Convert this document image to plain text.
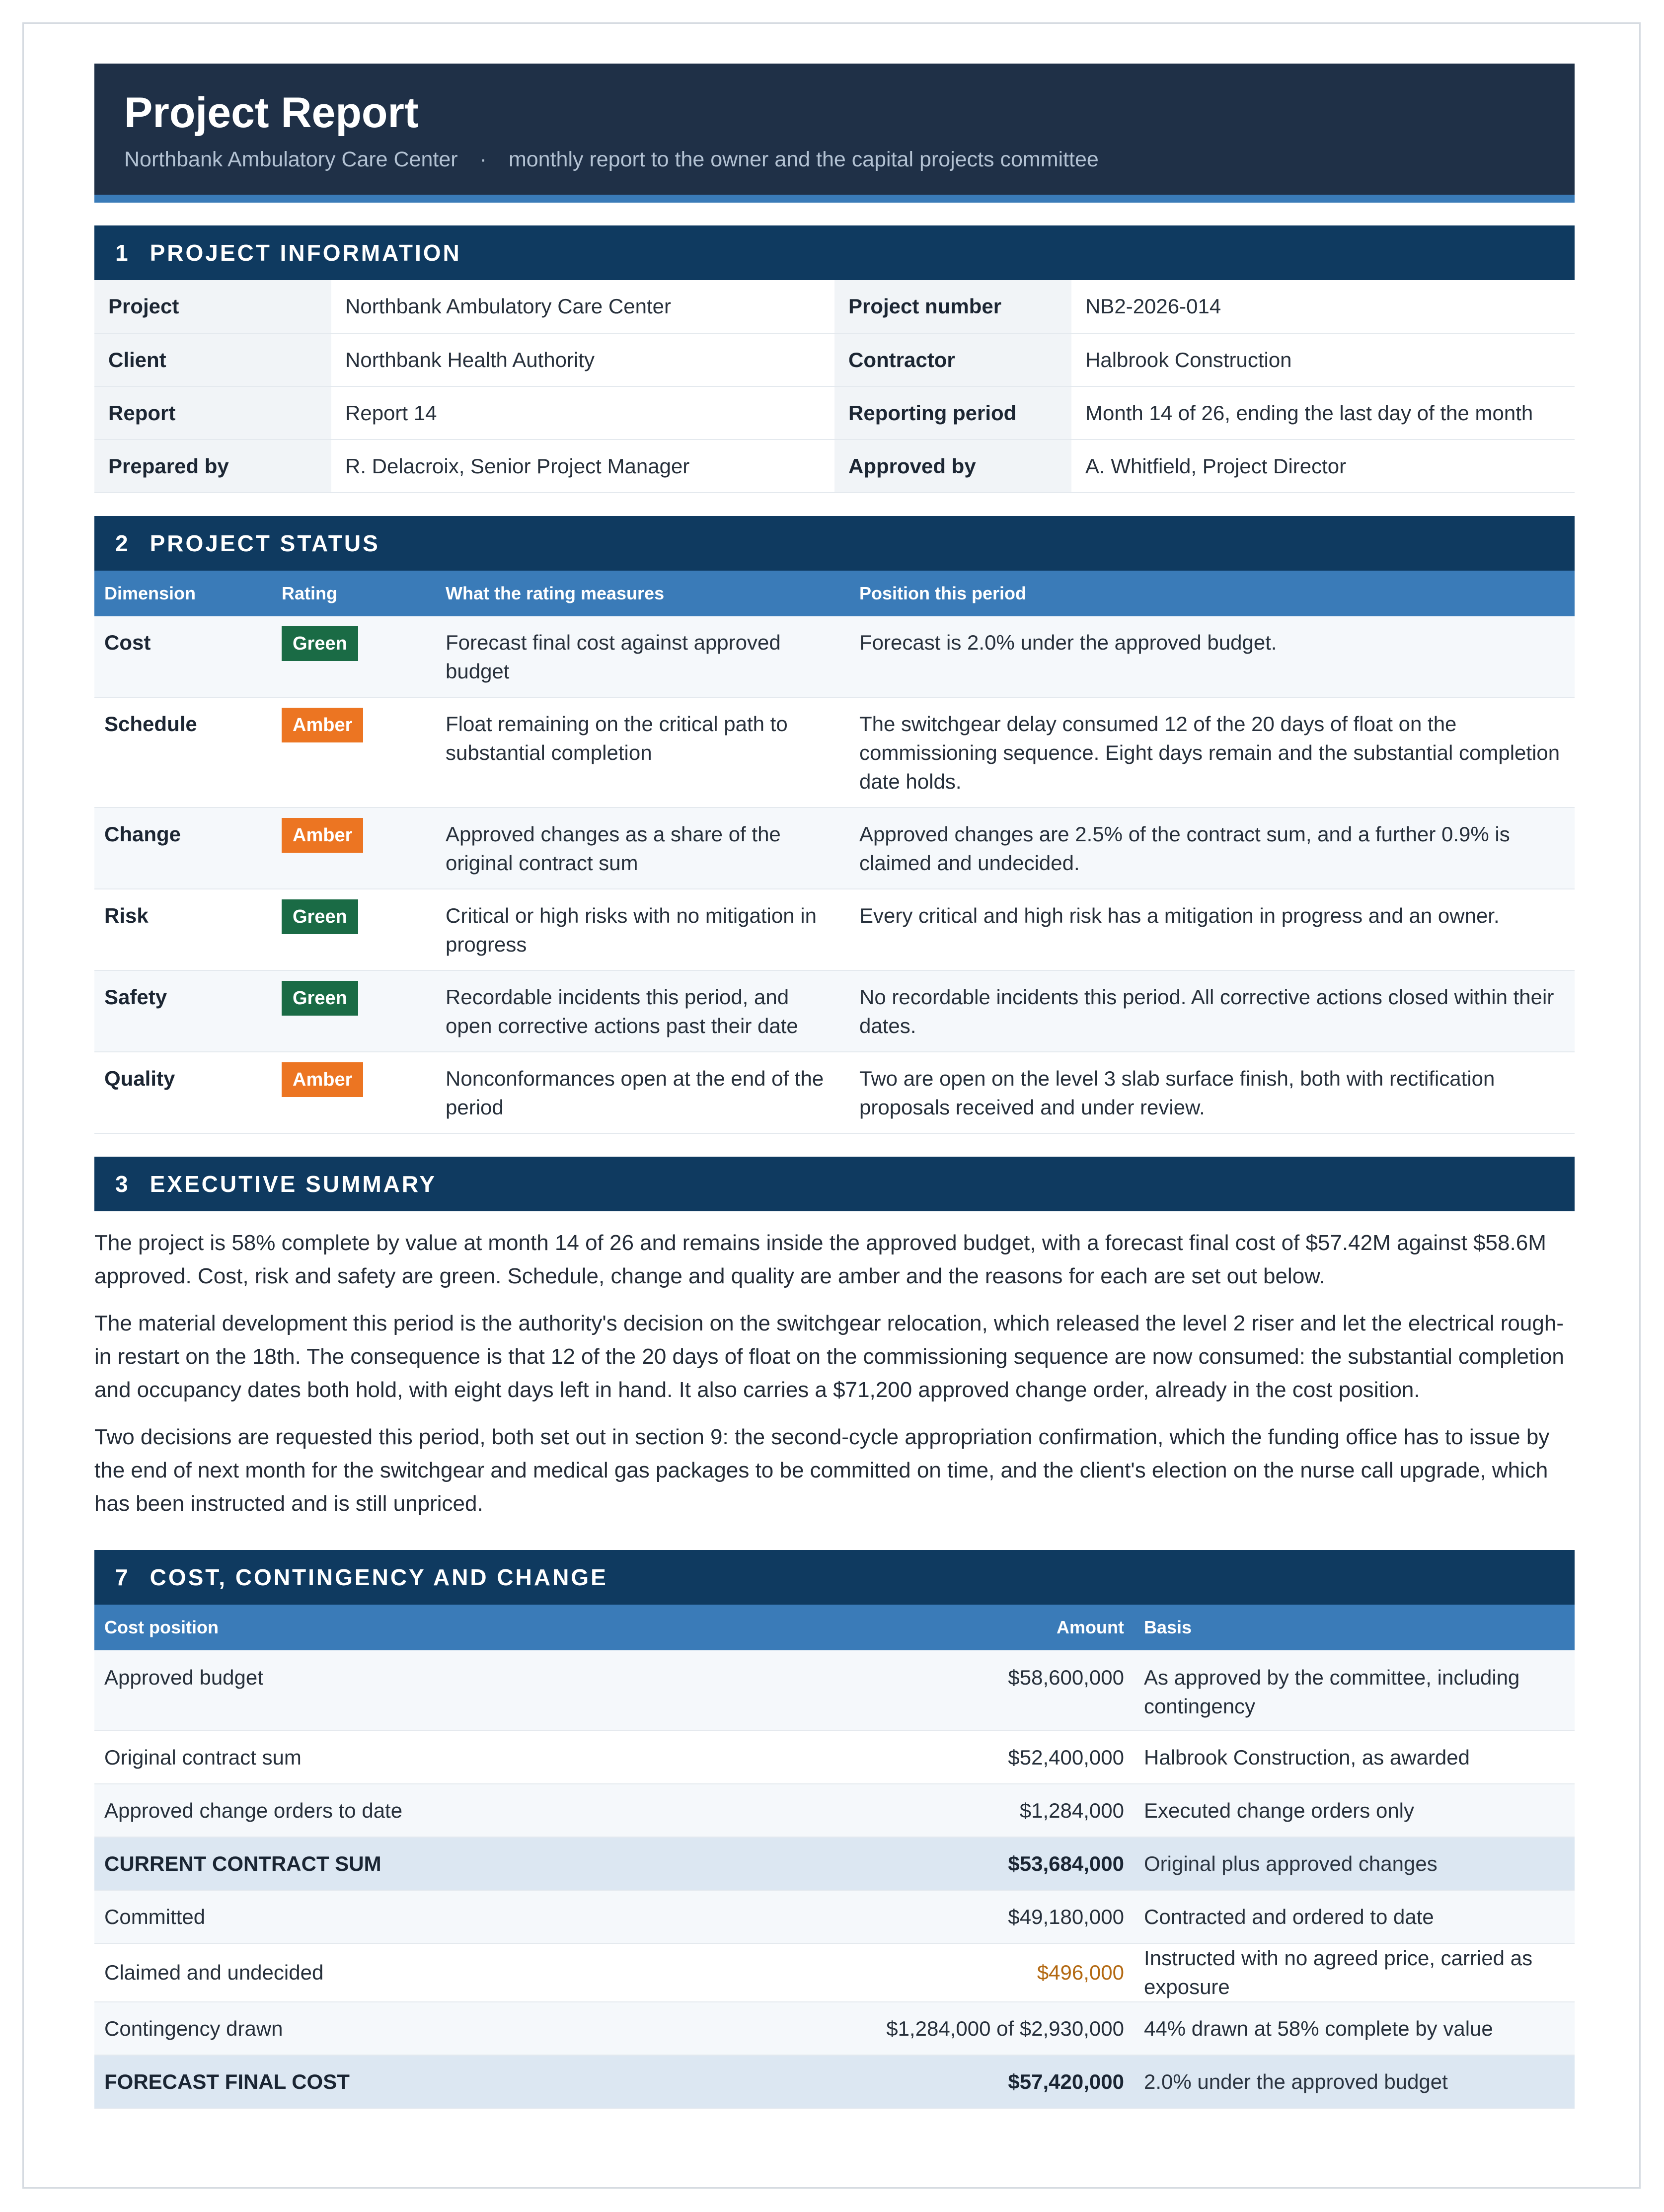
Project Report
Northbank Ambulatory Care Center · monthly report to the owner and the capital projects committee
1 PROJECT INFORMATION
Project	Northbank Ambulatory Care Center	Project number	NB2-2026-014
Client	Northbank Health Authority	Contractor	Halbrook Construction
Report	Report 14	Reporting period	Month 14 of 26, ending the last day of the month
Prepared by	R. Delacroix, Senior Project Manager	Approved by	A. Whitfield, Project Director
2 PROJECT STATUS
Dimension	Rating	What the rating measures	Position this period
Cost	Green	Forecast final cost against approved budget	Forecast is 2.0% under the approved budget.
Schedule	Amber	Float remaining on the critical path to substantial completion	The switchgear delay consumed 12 of the 20 days of float on the commissioning sequence. Eight days remain and the substantial completion date holds.
Change	Amber	Approved changes as a share of the original contract sum	Approved changes are 2.5% of the contract sum, and a further 0.9% is claimed and undecided.
Risk	Green	Critical or high risks with no mitigation in progress	Every critical and high risk has a mitigation in progress and an owner.
Safety	Green	Recordable incidents this period, and open corrective actions past their date	No recordable incidents this period. All corrective actions closed within their dates.
Quality	Amber	Nonconformances open at the end of the period	Two are open on the level 3 slab surface finish, both with rectification proposals received and under review.
3 EXECUTIVE SUMMARY

The project is 58% complete by value at month 14 of 26 and remains inside the approved budget, with a forecast final cost of $57.42M against $58.6M approved. Cost, risk and safety are green. Schedule, change and quality are amber and the reasons for each are set out below.

The material development this period is the authority's decision on the switchgear relocation, which released the level 2 riser and let the electrical rough-in restart on the 18th. The consequence is that 12 of the 20 days of float on the commissioning sequence are now consumed: the substantial completion and occupancy dates both hold, with eight days left in hand. It also carries a $71,200 approved change order, already in the cost position.

Two decisions are requested this period, both set out in section 9: the second-cycle appropriation confirmation, which the funding office has to issue by the end of next month for the switchgear and medical gas packages to be committed on time, and the client's election on the nurse call upgrade, which has been instructed and is still unpriced.

7 COST, CONTINGENCY AND CHANGE
Cost position	Amount	Basis
Approved budget	$58,600,000	As approved by the committee, including contingency
Original contract sum	$52,400,000	Halbrook Construction, as awarded
Approved change orders to date	$1,284,000	Executed change orders only
CURRENT CONTRACT SUM	$53,684,000	Original plus approved changes
Committed	$49,180,000	Contracted and ordered to date
Claimed and undecided	$496,000	Instructed with no agreed price, carried as exposure
Contingency drawn	$1,284,000 of $2,930,000	44% drawn at 58% complete by value
FORECAST FINAL COST	$57,420,000	2.0% under the approved budget
